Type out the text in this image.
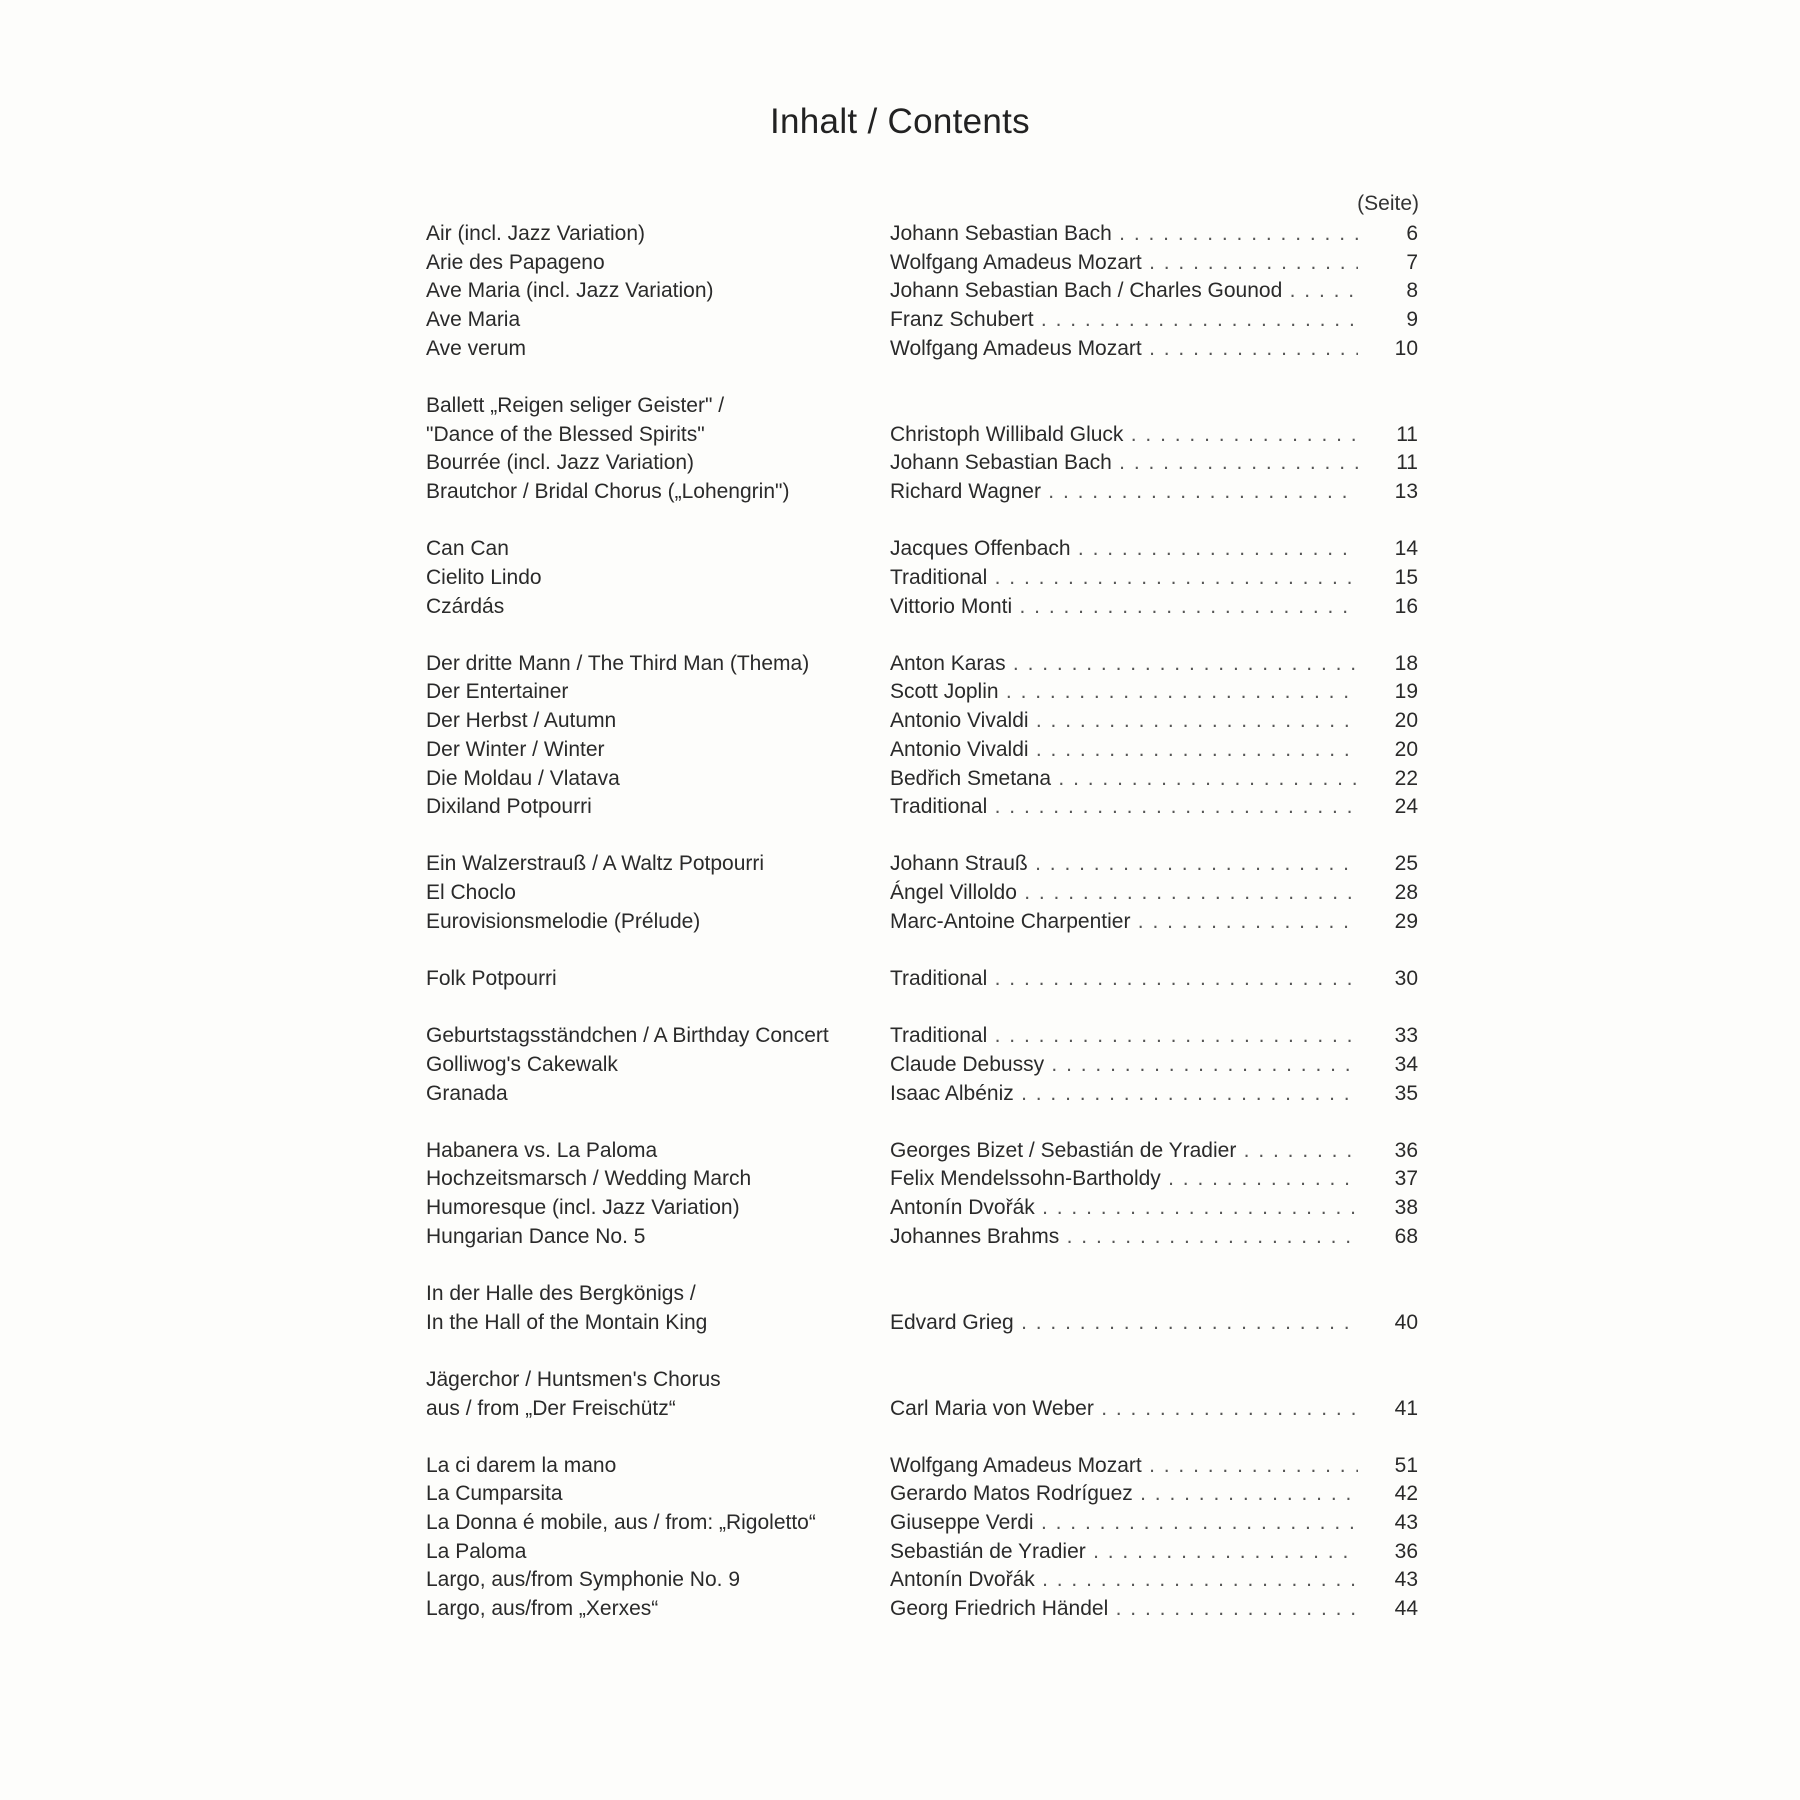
Inhalt / Contents
(Seite)
Air (incl. Jazz Variation)	Johann Sebastian Bach . . .	6
Arie des Papageno	Wolfgang Amadeus Mozart . . .	7
Ave Maria (incl. Jazz Variation)	Johann Sebastian Bach / Charles Gounod . . .	8
Ave Maria	Franz Schubert . . .	9
Ave verum	Wolfgang Amadeus Mozart . . .	10
Ballett „Reigen seliger Geister" /
"Dance of the Blessed Spirits"	Christoph Willibald Gluck . . .	11
Bourrée (incl. Jazz Variation)	Johann Sebastian Bach . . .	11
Brautchor / Bridal Chorus („Lohengrin")	Richard Wagner . . .	13
Can Can	Jacques Offenbach . . .	14
Cielito Lindo	Traditional . . .	15
Czárdás	Vittorio Monti . . .	16
Der dritte Mann / The Third Man (Thema)	Anton Karas . . .	18
Der Entertainer	Scott Joplin . . .	19
Der Herbst / Autumn	Antonio Vivaldi . . .	20
Der Winter / Winter	Antonio Vivaldi . . .	20
Die Moldau / Vlatava	Bedřich Smetana . . .	22
Dixiland Potpourri	Traditional . . .	24
Ein Walzerstrauß / A Waltz Potpourri	Johann Strauß . . .	25
El Choclo	Ángel Villoldo . . .	28
Eurovisionsmelodie (Prélude)	Marc-Antoine Charpentier . . .	29
Folk Potpourri	Traditional . . .	30
Geburtstagsständchen / A Birthday Concert	Traditional . . .	33
Golliwog's Cakewalk	Claude Debussy . . .	34
Granada	Isaac Albéniz . . .	35
Habanera vs. La Paloma	Georges Bizet / Sebastián de Yradier . . .	36
Hochzeitsmarsch / Wedding March	Felix Mendelssohn-Bartholdy . . .	37
Humoresque (incl. Jazz Variation)	Antonín Dvořák . . .	38
Hungarian Dance No. 5	Johannes Brahms . . .	68
In der Halle des Bergkönigs /
In the Hall of the Montain King	Edvard Grieg . . .	40
Jägerchor / Huntsmen's Chorus
aus / from „Der Freischütz“	Carl Maria von Weber . . .	41
La ci darem la mano	Wolfgang Amadeus Mozart . . .	51
La Cumparsita	Gerardo Matos Rodríguez . . .	42
La Donna é mobile, aus / from: „Rigoletto“	Giuseppe Verdi . . .	43
La Paloma	Sebastián de Yradier . . .	36
Largo, aus/from Symphonie No. 9	Antonín Dvořák . . .	43
Largo, aus/from „Xerxes“	Georg Friedrich Händel . . .	44
